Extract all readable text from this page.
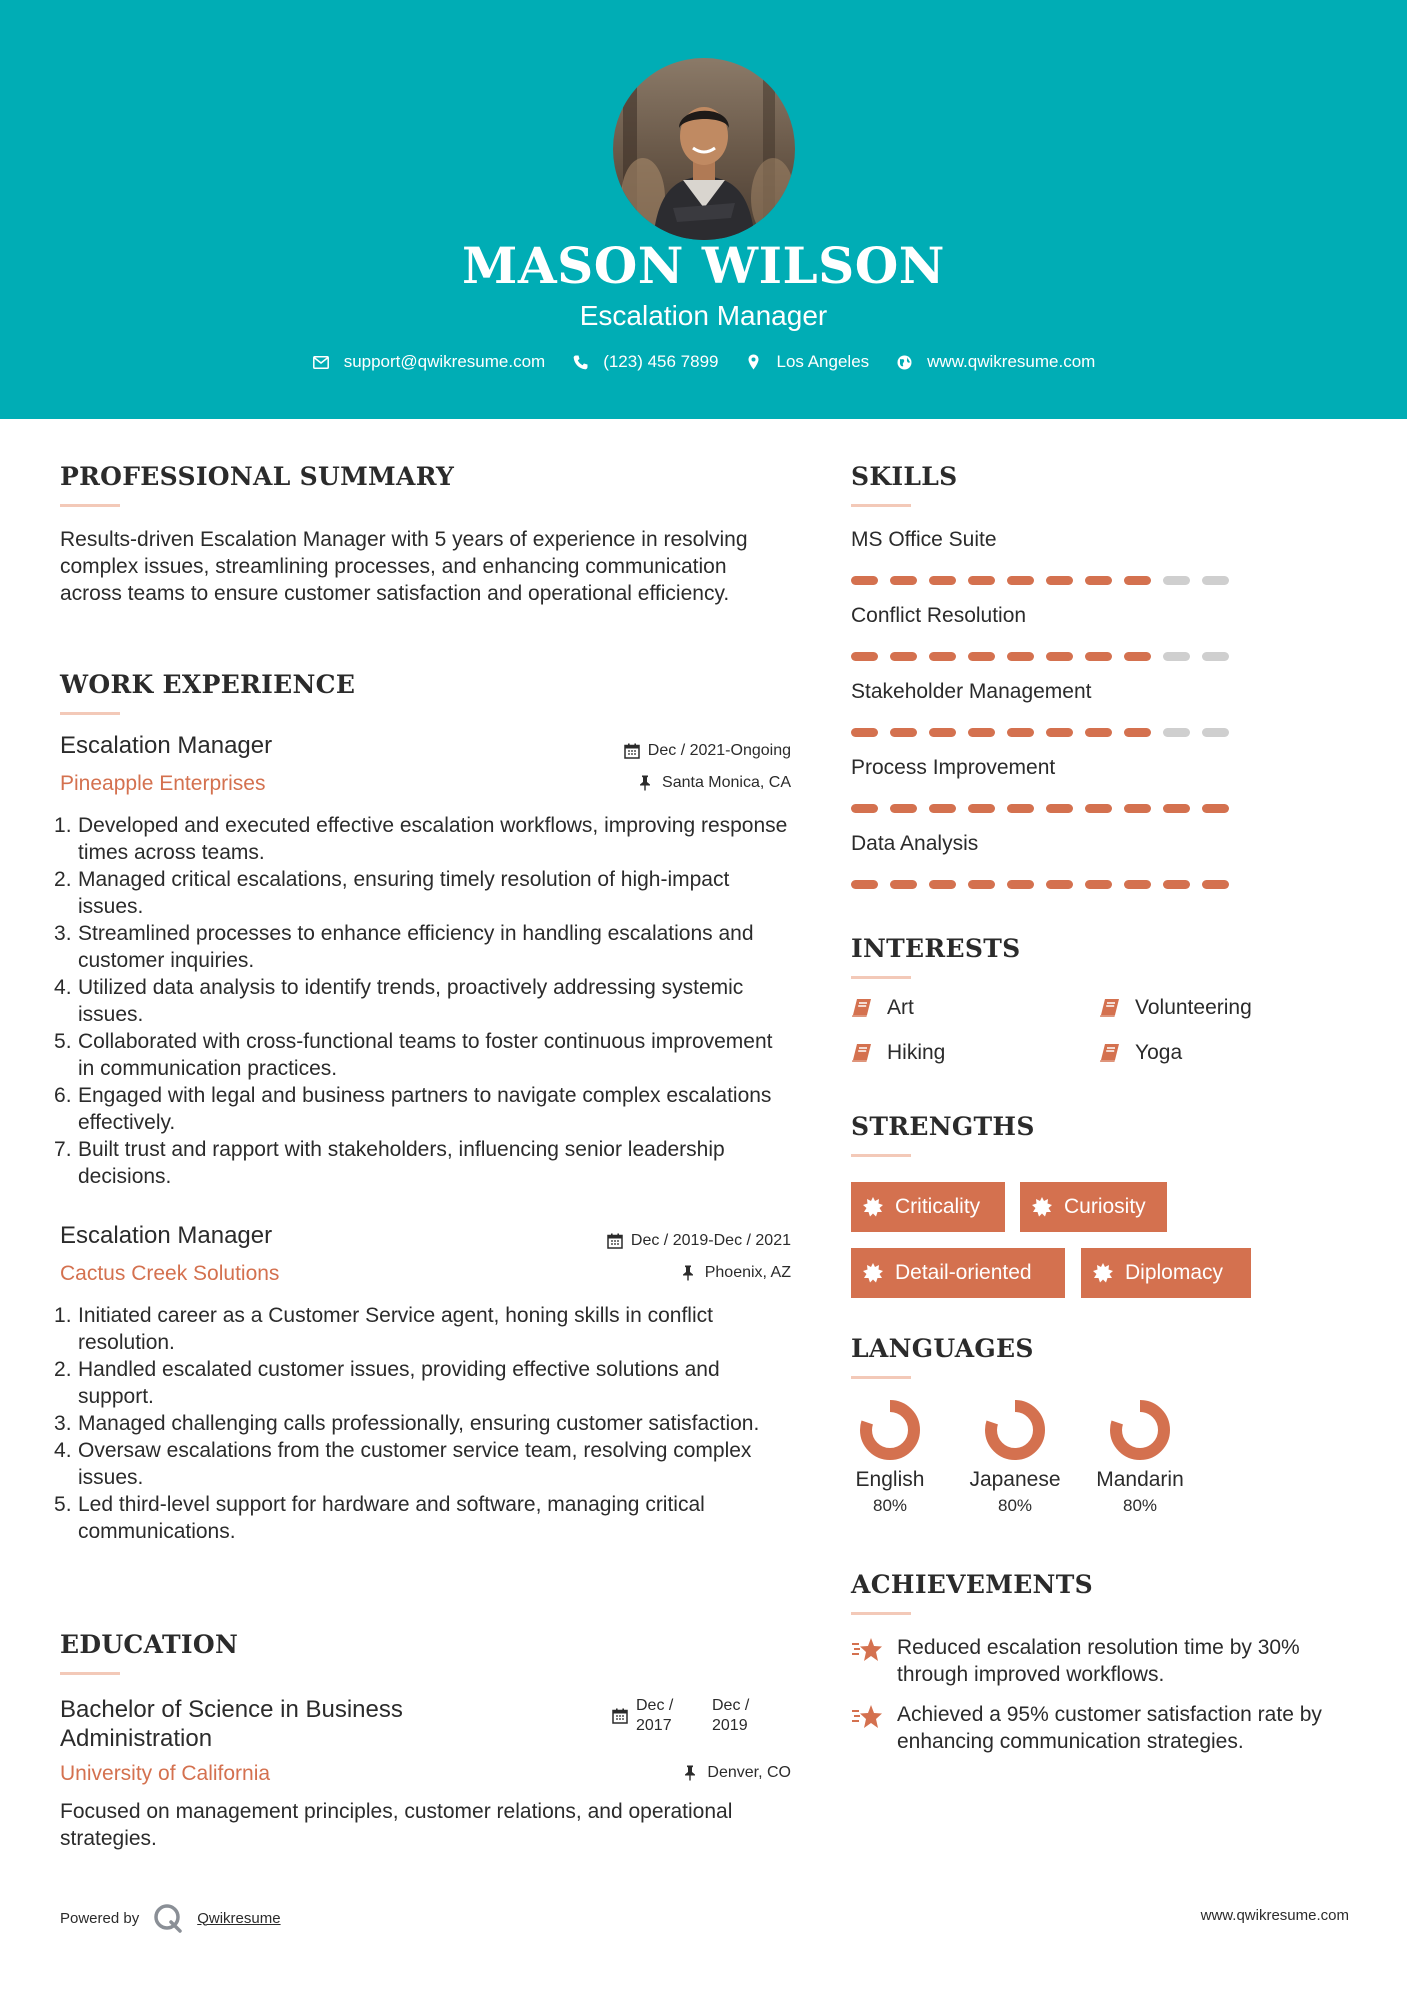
MASON WILSON
Escalation Manager
support@qwikresume.com	(123) 456 7899	Los Angeles	www.qwikresume.com
PROFESSIONAL SUMMARY
Results-driven Escalation Manager with 5 years of experience in resolving complex issues, streamlining processes, and enhancing communication across teams to ensure customer satisfaction and operational efficiency.
WORK EXPERIENCE
Escalation Manager
Pineapple Enterprises
Dec / 2021-Ongoing
Santa Monica, CA
Developed and executed effective escalation workflows, improving response times across teams.
Managed critical escalations, ensuring timely resolution of high-impact issues.
Streamlined processes to enhance efficiency in handling escalations and customer inquiries.
Utilized data analysis to identify trends, proactively addressing systemic issues.
Collaborated with cross-functional teams to foster continuous improvement in communication practices.
Engaged with legal and business partners to navigate complex escalations effectively.
Built trust and rapport with stakeholders, influencing senior leadership decisions.
Escalation Manager
Cactus Creek Solutions
Dec / 2019-Dec / 2021
Phoenix, AZ
Initiated career as a Customer Service agent, honing skills in conflict resolution.
Handled escalated customer issues, providing effective solutions and support.
Managed challenging calls professionally, ensuring customer satisfaction.
Oversaw escalations from the customer service team, resolving complex issues.
Led third-level support for hardware and software, managing critical communications.
EDUCATION
Bachelor of Science in Business Administration
Dec /
2017
Dec /
2019
University of California	Denver, CO
Focused on management principles, customer relations, and operational strategies.
SKILLS
MS Office Suite
Conflict Resolution
Stakeholder Management
Process Improvement
Data Analysis
INTERESTS
Art	Volunteering
Hiking	Yoga
STRENGTHS
Criticality	Curiosity
Detail-oriented	Diplomacy
LANGUAGES
English
80%
Japanese
80%
Mandarin
80%
ACHIEVEMENTS
Reduced escalation resolution time by 30% through improved workflows.
Achieved a 95% customer satisfaction rate by enhancing communication strategies.
Powered by	Qwikresume	www.qwikresume.com
